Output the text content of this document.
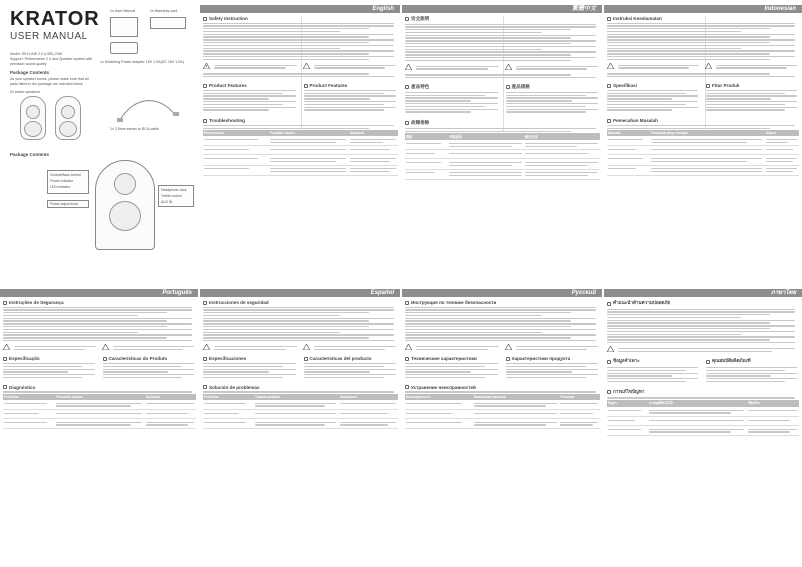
KRATOR
USER MANUAL
1x User Manual	1x Warranty card
Model: SKYLINE 2.0 (USB) 20W
Support: Performance 2.0 and Speaker system with
precision sound quality
Package Contents
As your speaker boxes, please make sure that all parts listed in the package are included below
2x active speakers
1x Switching Power Adapter 15V 1.0A(DC 15V 1.0A)
1x 3.5mm stereo to RCA cable
Package Contents
Volume/Bass control
Power indicator
LED indicator
Power adjust knob
Headphone Jack
Treble control
AUX IN
English	繁體中文	Indonesian
Português	Español	Русский	ภาษาไทย
Safety Instruction
Product Features	Product Features
Troubleshooting
Phenomenon	Possible causes	Solutions

安全說明
產品特色	產品規格
故障排除
現象	可能原因	解決方法

Instruksi Keselamatan
Spesifikasi	Fitur Produk
Pemecahan Masalah
Masalah	Penyebab yang mungkin	Solusi

Instruções de Segurança
Especificação	Características do Produto
Diagnóstico
Problema	Possíveis causas	Soluções

Instrucciones de seguridad
Especificaciones	Características del producto
Solución de problemas
Problema	Causas posibles	Soluciones

Инструкция по технике безопасности
Технические характеристики	Характеристики продукта
Устранение неисправностей
Неисправность	Возможная причина	Решение

คำแนะนำด้านความปลอดภัย
ข้อมูลจำเพาะ	คุณสมบัติผลิตภัณฑ์
การแก้ไขปัญหา
ปัญหา	สาเหตุที่เป็นไปได้	วิธีแก้ไข
